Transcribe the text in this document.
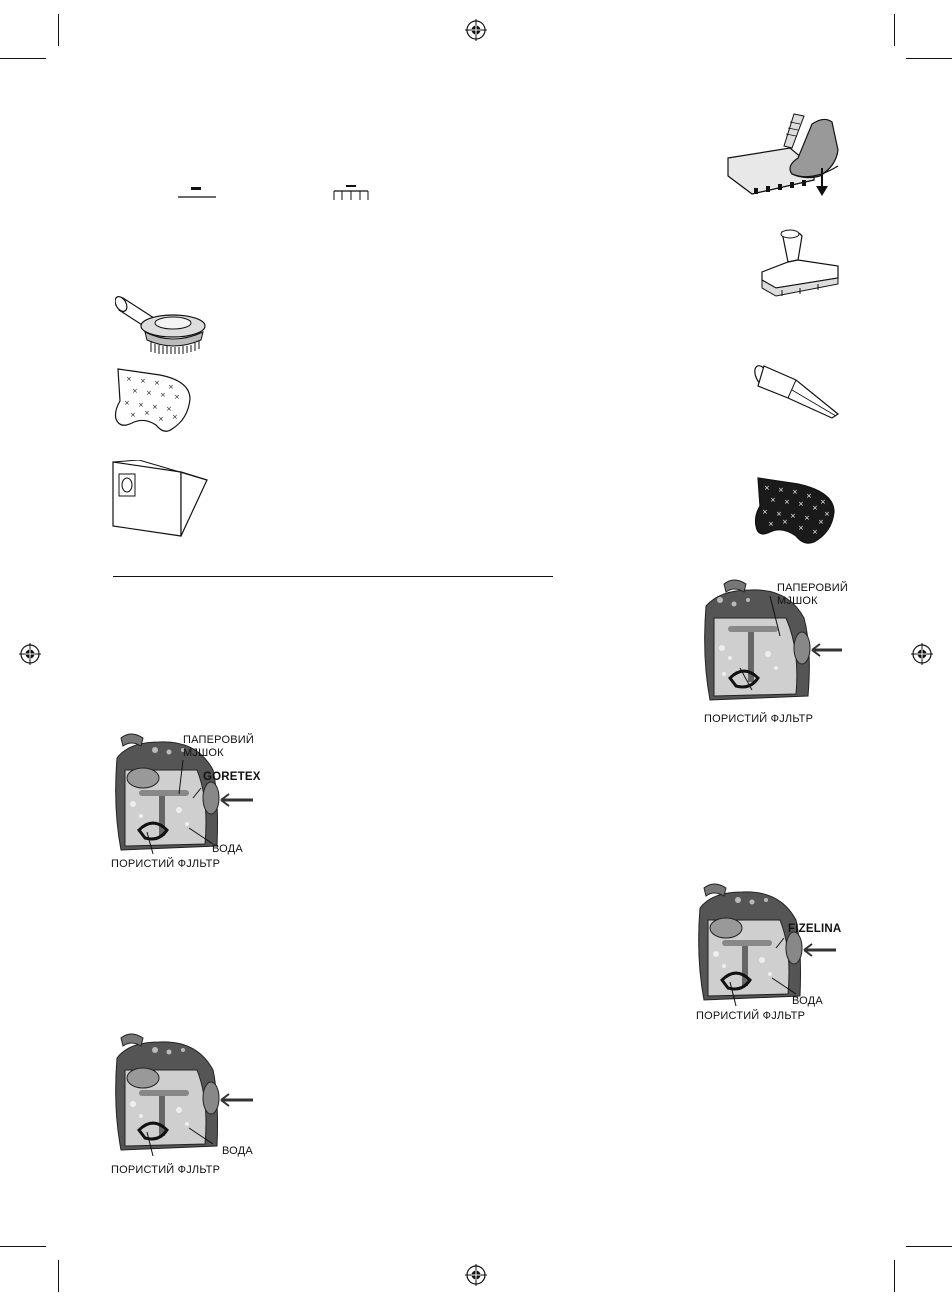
× × × ×
× × × ×
× × × ×
× ×
× ×
× × × ×
×
× × × ×
×
× × × × ×
× ×
× ×
ПАПЕРОВИЙ
МJШОК
ПОРИСТИЙ ФJЛЬТР
ПАПЕРОВИЙ
МJШОК
GORETEX
ВОДА
ПОРИСТИЙ ФJЛЬТР
FIZELINA
ВОДА
ПОРИСТИЙ ФJЛЬТР
ВОДА
ПОРИСТИЙ ФJЛЬТР
